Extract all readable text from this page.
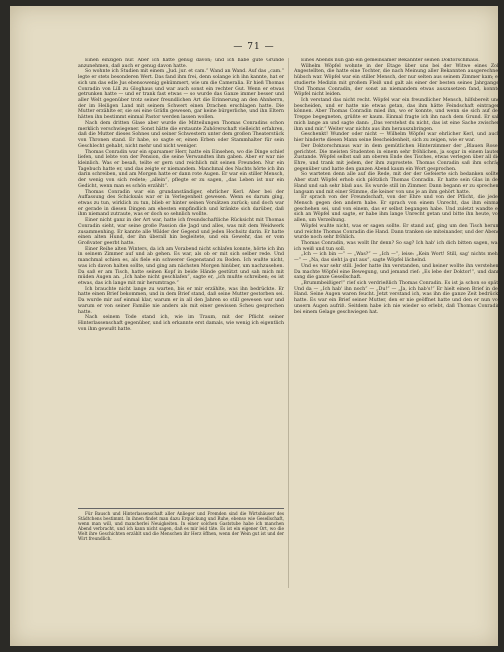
— 71 —

Einen einzigen nur. Aber ich hatte genug davon; und ich habe gute Gründe anzunehmen, daß auch er genug davon hatte.

So wohnte ich Studien mit einem „Jud. jur. et cam.“ Wand an Wand. Auf das „cam.“ legte er stets besonderen Wert. Das fand ihm frei, denn solange ich ihn kannte, hat er sich um das edle Jus ebensowenig gekümmert, wie um die Cameralia. Er hieß Thomas Conradin von Lill zu Gloghaus und war auch sonst ein rechter Gut. Wenn er etwas getrunken hatte — und er trank fast etwas — so wurde das Ganze immer besser und aller Welt gegenüber trotz seiner freundlichen Art die Erinnerung an den Ahnherrn, der im Heiligen Land mit seinem Schwert einen Drachen erschlagen hatte. Die Mutter erzählte er, sie sei eine Gräfin gewesen, gar keine bürgerliche, und ihn Eltern hätten ihn bestimmt einmal Pastor werden lassen wollen.

Nach dem dritten Glase aber wurde die Mitteilungen Thomas Conradins schon merklich verschwiegener. Sonst hätte die erstaunte Zuhörerschaft vielleicht erfahren, daß die Mutter dieses Sohnes und seiner Schwestern unter dem großen Theaterstück von Thronen stand. Er habe, so sagte er, einen Erben oder Stammhalter für sein Geschlecht gehabt, nicht mehr und nicht weniger.

Thomas Conradin war ein sparsamer Herr, hatte ein Einsehen, wo die Dinge schief liefen, und lebte von der Pension, die seine Verwandten ihm gaben. Aber er war nie kleinlich. Was er besaß, teilte er gern und reichlich mit seinen Freunden. Nur ein Tagebuch hatte er, und das zeigte er niemandem. Manchmal des Nachts hörte ich ihn darin schreiben, und am Morgen hatte er dann rote Augen. Er war ein stiller Mensch, der wenig von sich redete; „allein“, pflegte er zu sagen, „das Leben ist nur ein Gedicht, wenn man es schön erzählt“.

Thomas Conradin war ein grundanständiger, ehrlicher Kerl. Aber bei der Auffassung des Schicksals war er in Verlegenheit gewesen. Wenn es darum ging, etwas zu tun, wirklich zu tun, blieb er hinter seinen Vorsätzen zurück; und doch war er gerade in diesen Dingen am ehesten empfindlich und kränkte sich darüber, daß ihm niemand zutraute, was er doch so sehnlich wollte.

Einer nicht ganz in der Art war, hatte ich freundschaftliche Rücksicht mit Thomas Conradin sieht, war seine große Passion die Jagd und alles, was mit dem Weidwerk zusammenhing. Er kannte alle Wälder der Gegend und jeden Hochsitz darin. Er hatte einen alten Hund, der ihn überall hin begleitete, und ein Gewehr, das er vom Großvater geerbt hatte.

Einer Reihe alten Winters, da ich am Vorabend nicht schlafen konnte, hörte ich ihn in seinem Zimmer auf und ab gehen. Es war, als ob er mit sich selber rede. Und manchmal schien es, als fiele ein schwerer Gegenstand zu Boden. Ich wußte nicht, was ich davon halten sollte, und ging am nächsten Morgen hinüber, um nachzusehen. Da saß er am Tisch, hatte seinen Kopf in beide Hände gestützt und sah mich mit müden Augen an. „Ich habe nicht geschlafen“, sagte er, „ich mußte schreiben; es ist etwas, das ich lange mit mir herumtrage.“

Ich brauchte nicht lange zu warten, bis er mir erzählte, was ihn bedrückte. Er hatte einen Brief bekommen, und in dem Brief stand, daß seine Mutter gestorben sei. Da wurde mir auf einmal klar, warum er in all den Jahren so still gewesen war und warum er von seiner Familie nie anders als mit einer gewissen Scheu gesprochen hatte.

Nach seinem Tode stand ich, wie im Traum, mit der Pflicht seiner Hinterlassenschaft gegenüber, und ich erkannte erst damals, wie wenig ich eigentlich von ihm gewußt hatte.

Eines Abends nun gab ein gemeinsamer Bekannter seinen Doktorschmaus.

Wilhelm Wöpfel wohnte in der Etage über uns bei der Witwe eines Zoll Angestellten, die hatte eine Tochter, die nach Meinung aller Bekannten ausgerechnet hübsch war. Wöpfel war ein stiller Mensch, der nur selten aus seinem Zimmer kam; er studierte Medizin mit großem Fleiß und galt als einer der besten seines Jahrgangs. Und Thomas Conradin, der sonst an niemandem etwas auszusetzen fand, konnte Wöpfel nicht leiden.

Ich verstand das nicht recht. Wöpfel war ein freundlicher Mensch, hilfsbereit und bescheiden, und er hatte nie etwas getan, das ihm hätte Feindschaft eintragen können. Aber Thomas Conradin mied ihn, wo er konnte, und wenn sie sich auf der Treppe begegneten, grüßte er kaum. Einmal fragte ich ihn nach dem Grund. Er sah mich lange an und sagte dann: „Das verstehst du nicht, das ist eine Sache zwischen ihm und mir.“ Weiter war nichts aus ihm herauszubringen.

Geschenkt! Wunder oder nicht — Wilhelm Wöpfel war ehrlicher Kerl, und auch hier hinderte diesen Mann seine Bescheidenheit, sich zu zeigen, wie er war.

Der Doktorschmaus war in dem gemütlichen Hinterzimmer der „Blauen Rose“ gerichtet. Die meisten Studenten in einem sehr fröhlichen, ja sogar in einem lauten Zustande. Wöpfel selbst saß am oberen Ende des Tisches, etwas verlegen über all die Ehre, und trank mit jedem, der ihm zuprostete. Thomas Conradin saß ihm schräg gegenüber und hatte den ganzen Abend kaum ein Wort gesprochen.

So warteten denn alle auf die Rede, mit der der Gefeierte sich bedanken sollte. Aber statt Wöpfel erhob sich plötzlich Thomas Conradin. Er hatte sein Glas in der Hand und sah sehr blaß aus. Es wurde still im Zimmer. Dann begann er zu sprechen, langsam und mit einer Stimme, die keiner von uns je an ihm gehört hatte.

Er sprach von der Freundschaft, von der Ehre und von der Pflicht, die jeder Mensch gegen den andern habe. Er sprach von einem Unrecht, das ihm einmal geschehen sei, und von einem, das er selbst begangen habe. Und zuletzt wandte er sich an Wöpfel und sagte, er habe ihm lange Unrecht getan und bitte ihn heute, vor allen, um Verzeihung.

Wöpfel wußte nicht, was er sagen sollte. Er stand auf, ging um den Tisch herum und reichte Thomas Conradin die Hand. Dann tranken sie miteinander, und der Abend wurde noch sehr fröhlich.

Thomas Conradin, was wollt Ihr denn? So sag? Ich hab' ich dich bitten sagen, was ich weiß und tun soll.

„Ich — ich bin —“ — „Was?“ — „Ich —“, leise: „Kein Wort! Still, sag' nichts mehr —“ — „Na, das sieht ja gut aus“, sagte Wöpfel lächelnd.

Und es war sehr still. Jeder hatte ihn verstanden, und keiner wollte ihn verstehen. Da machte Wöpfel eine Bewegung, und jemand rief: „Es lebe der Doktor!“, und dann sang die ganze Gesellschaft.

„Brummbeißiger!“ rief sich verdrießlich Thomas Conradin. Es ist ja schon so spät! Und da — „Ich hab' ihn noch“ — „Du!“ — „Ja, ich hab's!“ Er hielt einen Brief in der Hand. Seine Augen waren feucht. Jetzt verstand ich, was ihn die ganze Zeit bedrückt hatte. Es war ein Brief seiner Mutter, den er nie geöffnet hatte und den er nun vor unsern Augen aufriß. Seitdem habe ich nie wieder so erlebt, daß Thomas Conradin bei einem Gelage geschwiegen hat.

Für Bausch und Hinterlassenschaft aller Anlieger und Fremden sind die Wirtshäuser des Städtchens bestimmt. In ihnen findet man dazu Erquickung und Ruhe, ebenso wie Gesellschaft, wenn man will, und mancherlei Neuigkeiten. In einer solchen Gaststube habe ich manchen Abend verbracht, und ich kann nicht sagen, daß es mir leid täte. Es ist ein eigener Ort, wo die Welt ihre Geschichten erzählt und die Menschen ihr Herz öffnen, wenn der Wein gut ist und der Wirt freundlich.
